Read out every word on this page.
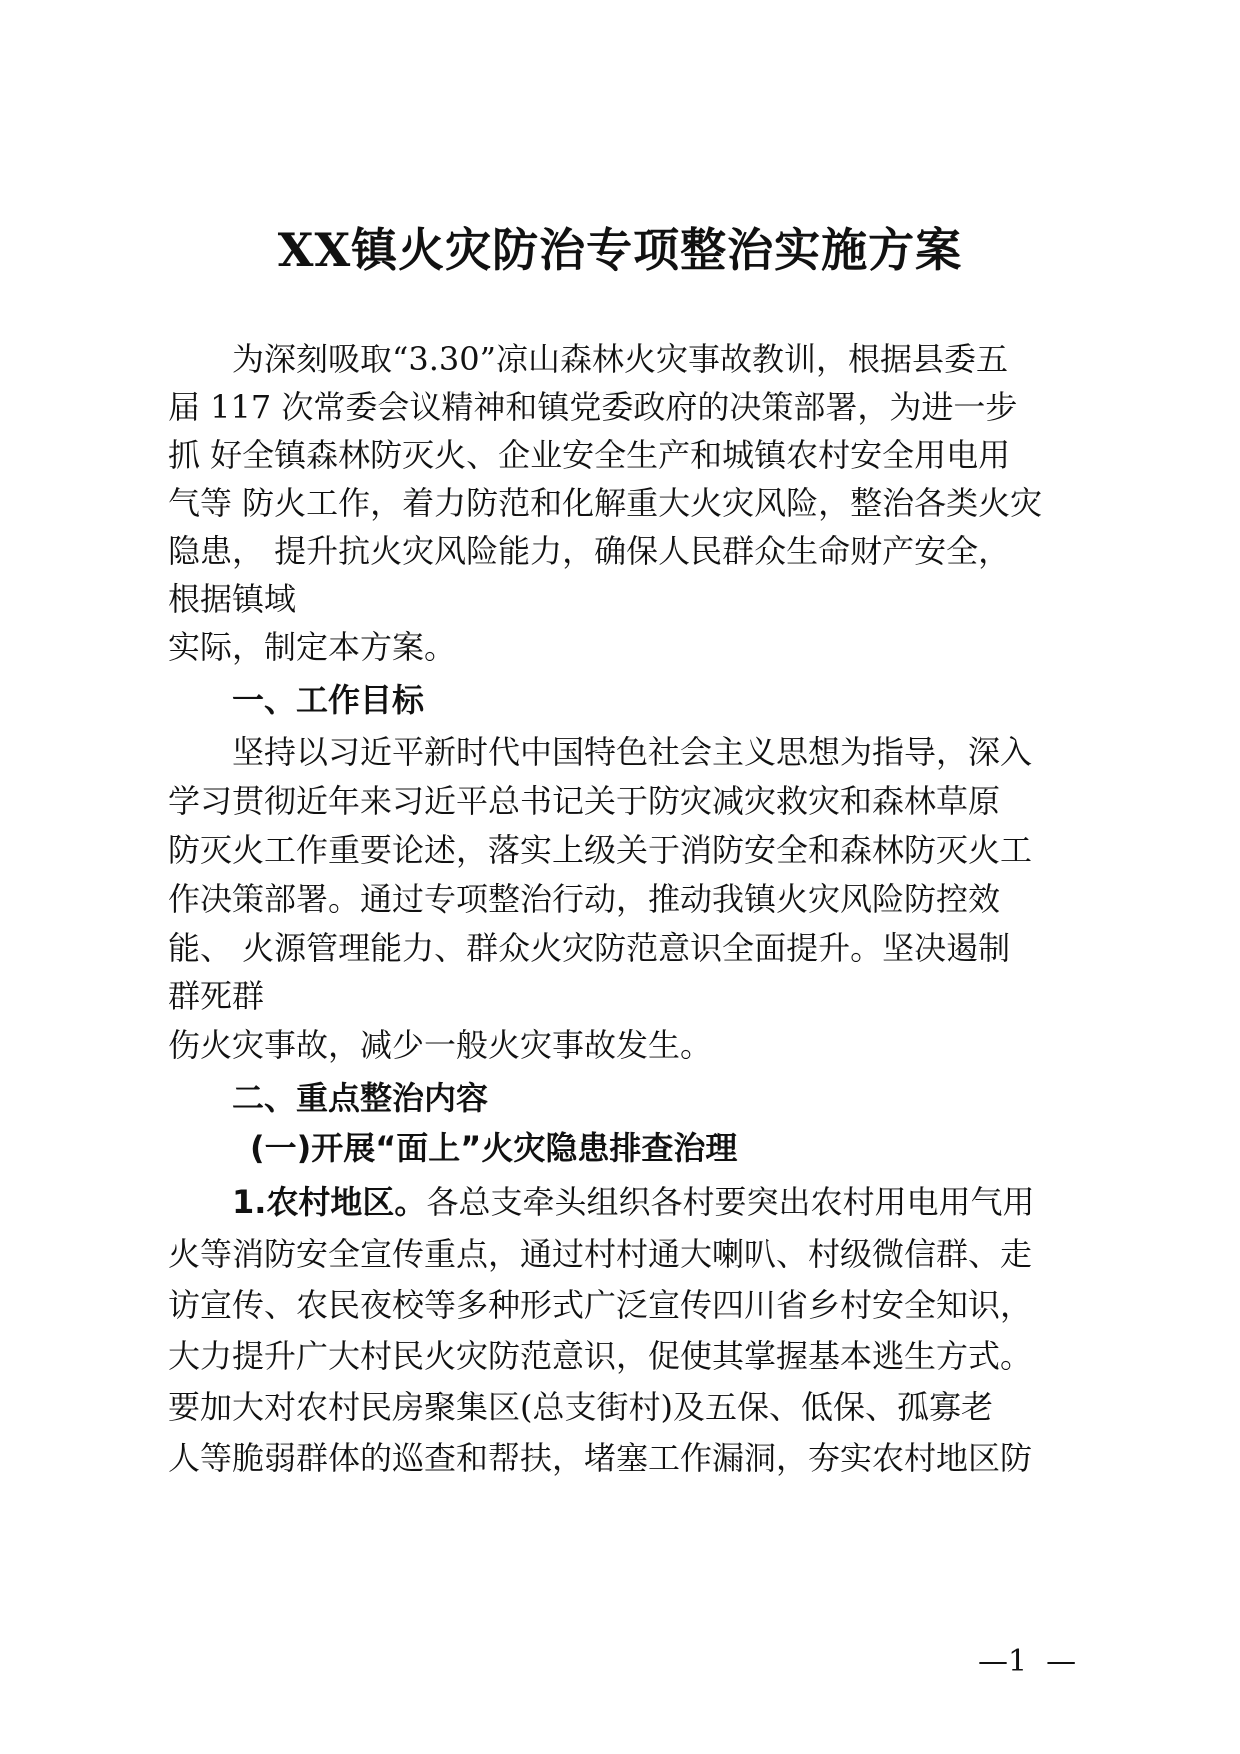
XX镇火灾防治专项整治实施方案
为深刻吸取“3.30”凉山森林火灾事故教训，根据县委五
届 117 次常委会议精神和镇党委政府的决策部署，为进一步
抓 好全镇森林防灭火、企业安全生产和城镇农村安全用电用
气等 防火工作，着力防范和化解重大火灾风险，整治各类火灾
隐患， 提升抗火灾风险能力，确保人民群众生命财产安全，
根据镇域
实际，制定本方案。
一、工作目标
坚持以习近平新时代中国特色社会主义思想为指导，深入
学习贯彻近年来习近平总书记关于防灾减灾救灾和森林草原
防灭火工作重要论述，落实上级关于消防安全和森林防灭火工
作决策部署。通过专项整治行动，推动我镇火灾风险防控效
能、 火源管理能力、群众火灾防范意识全面提升。坚决遏制
群死群
伤火灾事故，减少一般火灾事故发生。
二、重点整治内容
(一)开展“面上”火灾隐患排查治理
1.农村地区。各总支牵头组织各村要突出农村用电用气用
火等消防安全宣传重点，通过村村通大喇叭、村级微信群、走
访宣传、农民夜校等多种形式广泛宣传四川省乡村安全知识，
大力提升广大村民火灾防范意识，促使其掌握基本逃生方式。
要加大对农村民房聚集区(总支街村)及五保、低保、孤寡老
人等脆弱群体的巡查和帮扶，堵塞工作漏洞，夯实农村地区防
—1  —
